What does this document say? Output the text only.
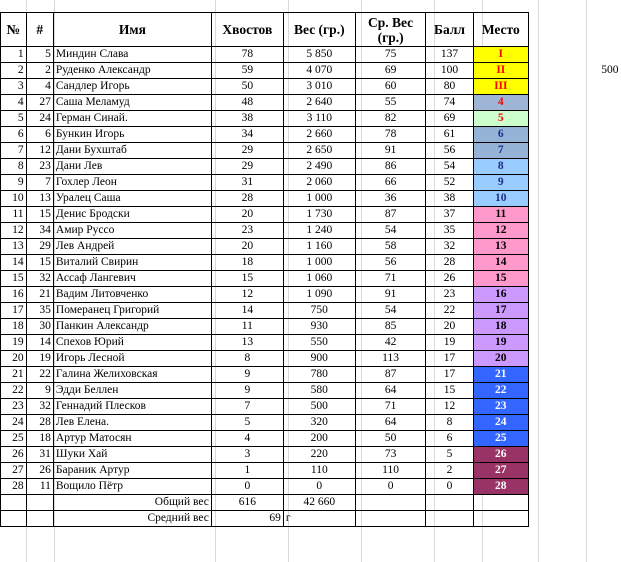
№	#	Имя	Хвостов	Вес (гр.)	Ср. Вес (гр.)	Балл	Место		
1	5	Миндин Слава	78	5 850	75	137	I		
2	2	Руденко Александр	59	4 070	69	100	II		500
3	4	Сандлер Игорь	50	3 010	60	80	III		
4	27	Саша Меламуд	48	2 640	55	74	4		
5	24	Герман Синай.	38	3 110	82	69	5		
6	6	Бункин Игорь	34	2 660	78	61	6		
7	12	Дани Бухштаб	29	2 650	91	56	7		
8	23	Дани Лев	29	2 490	86	54	8		
9	7	Гохлер Леон	31	2 060	66	52	9		
10	13	Уралец Саша	28	1 000	36	38	10		
11	15	Денис Бродски	20	1 730	87	37	11		
12	34	Амир Руссо	23	1 240	54	35	12		
13	29	Лев Андрей	20	1 160	58	32	13		
14	15	Виталий Свирин	18	1 000	56	28	14		
15	32	Ассаф Лангевич	15	1 060	71	26	15		
16	21	Вадим Литовченко	12	1 090	91	23	16		
17	35	Померанец Григорий	14	750	54	22	17		
18	30	Панкин Александр	11	930	85	20	18		
19	14	Спехов Юрий	13	550	42	19	19		
20	19	Игорь Лесной	8	900	113	17	20		
21	22	Галина Желиховская	9	780	87	17	21		
22	9	Эдди Беллен	9	580	64	15	22		
23	32	Геннадий Плесков	7	500	71	12	23		
24	28	Лев Елена.	5	320	64	8	24		
25	18	Артур Матосян	4	200	50	6	25		
26	31	Шуки Хай	3	220	73	5	26		
27	26	Бараник Артур	1	110	110	2	27		
28	11	Вощило Пётр	0	0	0	0	28		
		Общий вес	616	42 660					
		Средний вес	69	г					
